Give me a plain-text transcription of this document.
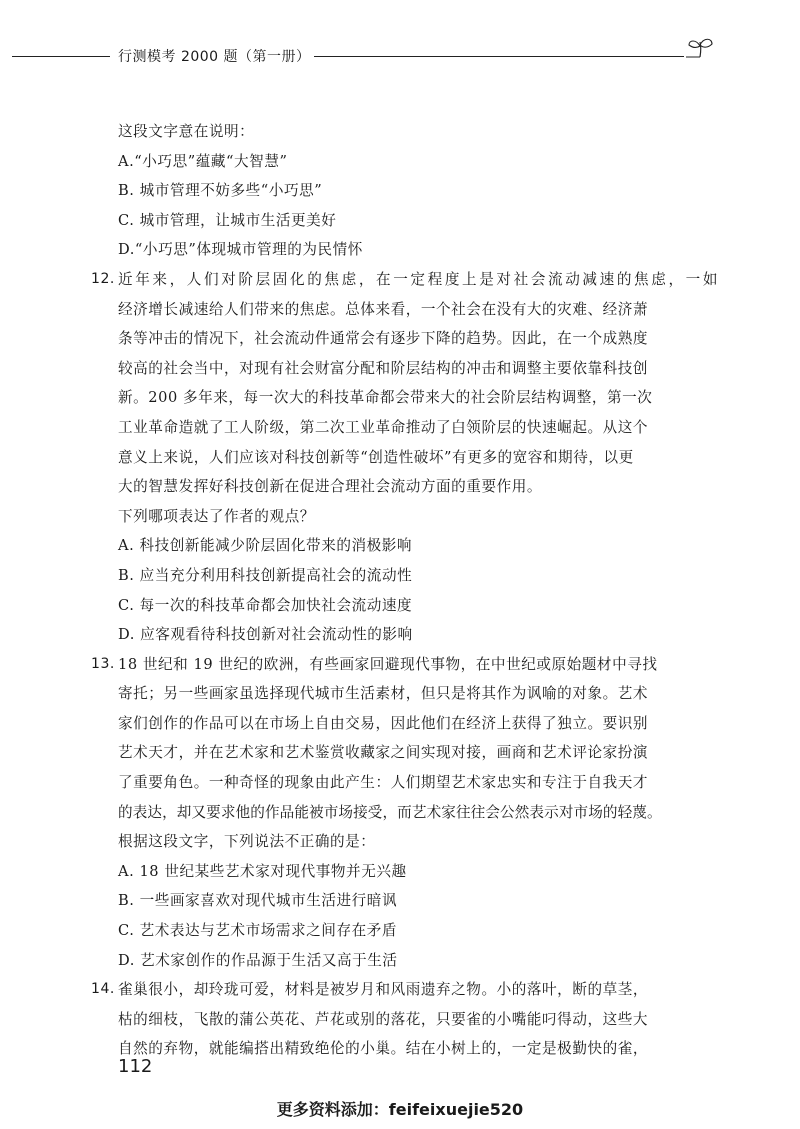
行测模考 2000 题（第一册）
这段文字意在说明：
A.“小巧思”蕴藏“大智慧”
B. 城市管理不妨多些“小巧思”
C. 城市管理，让城市生活更美好
D.“小巧思”体现城市管理的为民情怀
12. 近年来，人们对阶层固化的焦虑，在一定程度上是对社会流动减速的焦虑，一如
经济增长减速给人们带来的焦虑。总体来看，一个社会在没有大的灾难、经济萧
条等冲击的情况下，社会流动件通常会有逐步下降的趋势。因此，在一个成熟度
较高的社会当中，对现有社会财富分配和阶层结构的冲击和调整主要依靠科技创
新。200 多年来，每一次大的科技革命都会带来大的社会阶层结构调整，第一次
工业革命造就了工人阶级，第二次工业革命推动了白领阶层的快速崛起。从这个
意义上来说，人们应该对科技创新等“创造性破坏”有更多的宽容和期待，以更
大的智慧发挥好科技创新在促进合理社会流动方面的重要作用。
下列哪项表达了作者的观点？
A. 科技创新能减少阶层固化带来的消极影响
B. 应当充分利用科技创新提高社会的流动性
C. 每一次的科技革命都会加快社会流动速度
D. 应客观看待科技创新对社会流动性的影响
13. 18 世纪和 19 世纪的欧洲，有些画家回避现代事物，在中世纪或原始题材中寻找
寄托；另一些画家虽选择现代城市生活素材，但只是将其作为讽喻的对象。艺术
家们创作的作品可以在市场上自由交易，因此他们在经济上获得了独立。要识别
艺术天才，并在艺术家和艺术鉴赏收藏家之间实现对接，画商和艺术评论家扮演
了重要角色。一种奇怪的现象由此产生：人们期望艺术家忠实和专注于自我天才
的表达，却又要求他的作品能被市场接受，而艺术家往往会公然表示对市场的轻蔑。
根据这段文字，下列说法不正确的是：
A. 18 世纪某些艺术家对现代事物并无兴趣
B. 一些画家喜欢对现代城市生活进行暗讽
C. 艺术表达与艺术市场需求之间存在矛盾
D. 艺术家创作的作品源于生活又高于生活
14. 雀巢很小，却玲珑可爱，材料是被岁月和风雨遗弃之物。小的落叶，断的草茎，
枯的细枝，飞散的蒲公英花、芦花或别的落花，只要雀的小嘴能叼得动，这些大
自然的弃物，就能编搭出精致绝伦的小巢。结在小树上的，一定是极勤快的雀，
112
更多资料添加：feifeixuejie520
